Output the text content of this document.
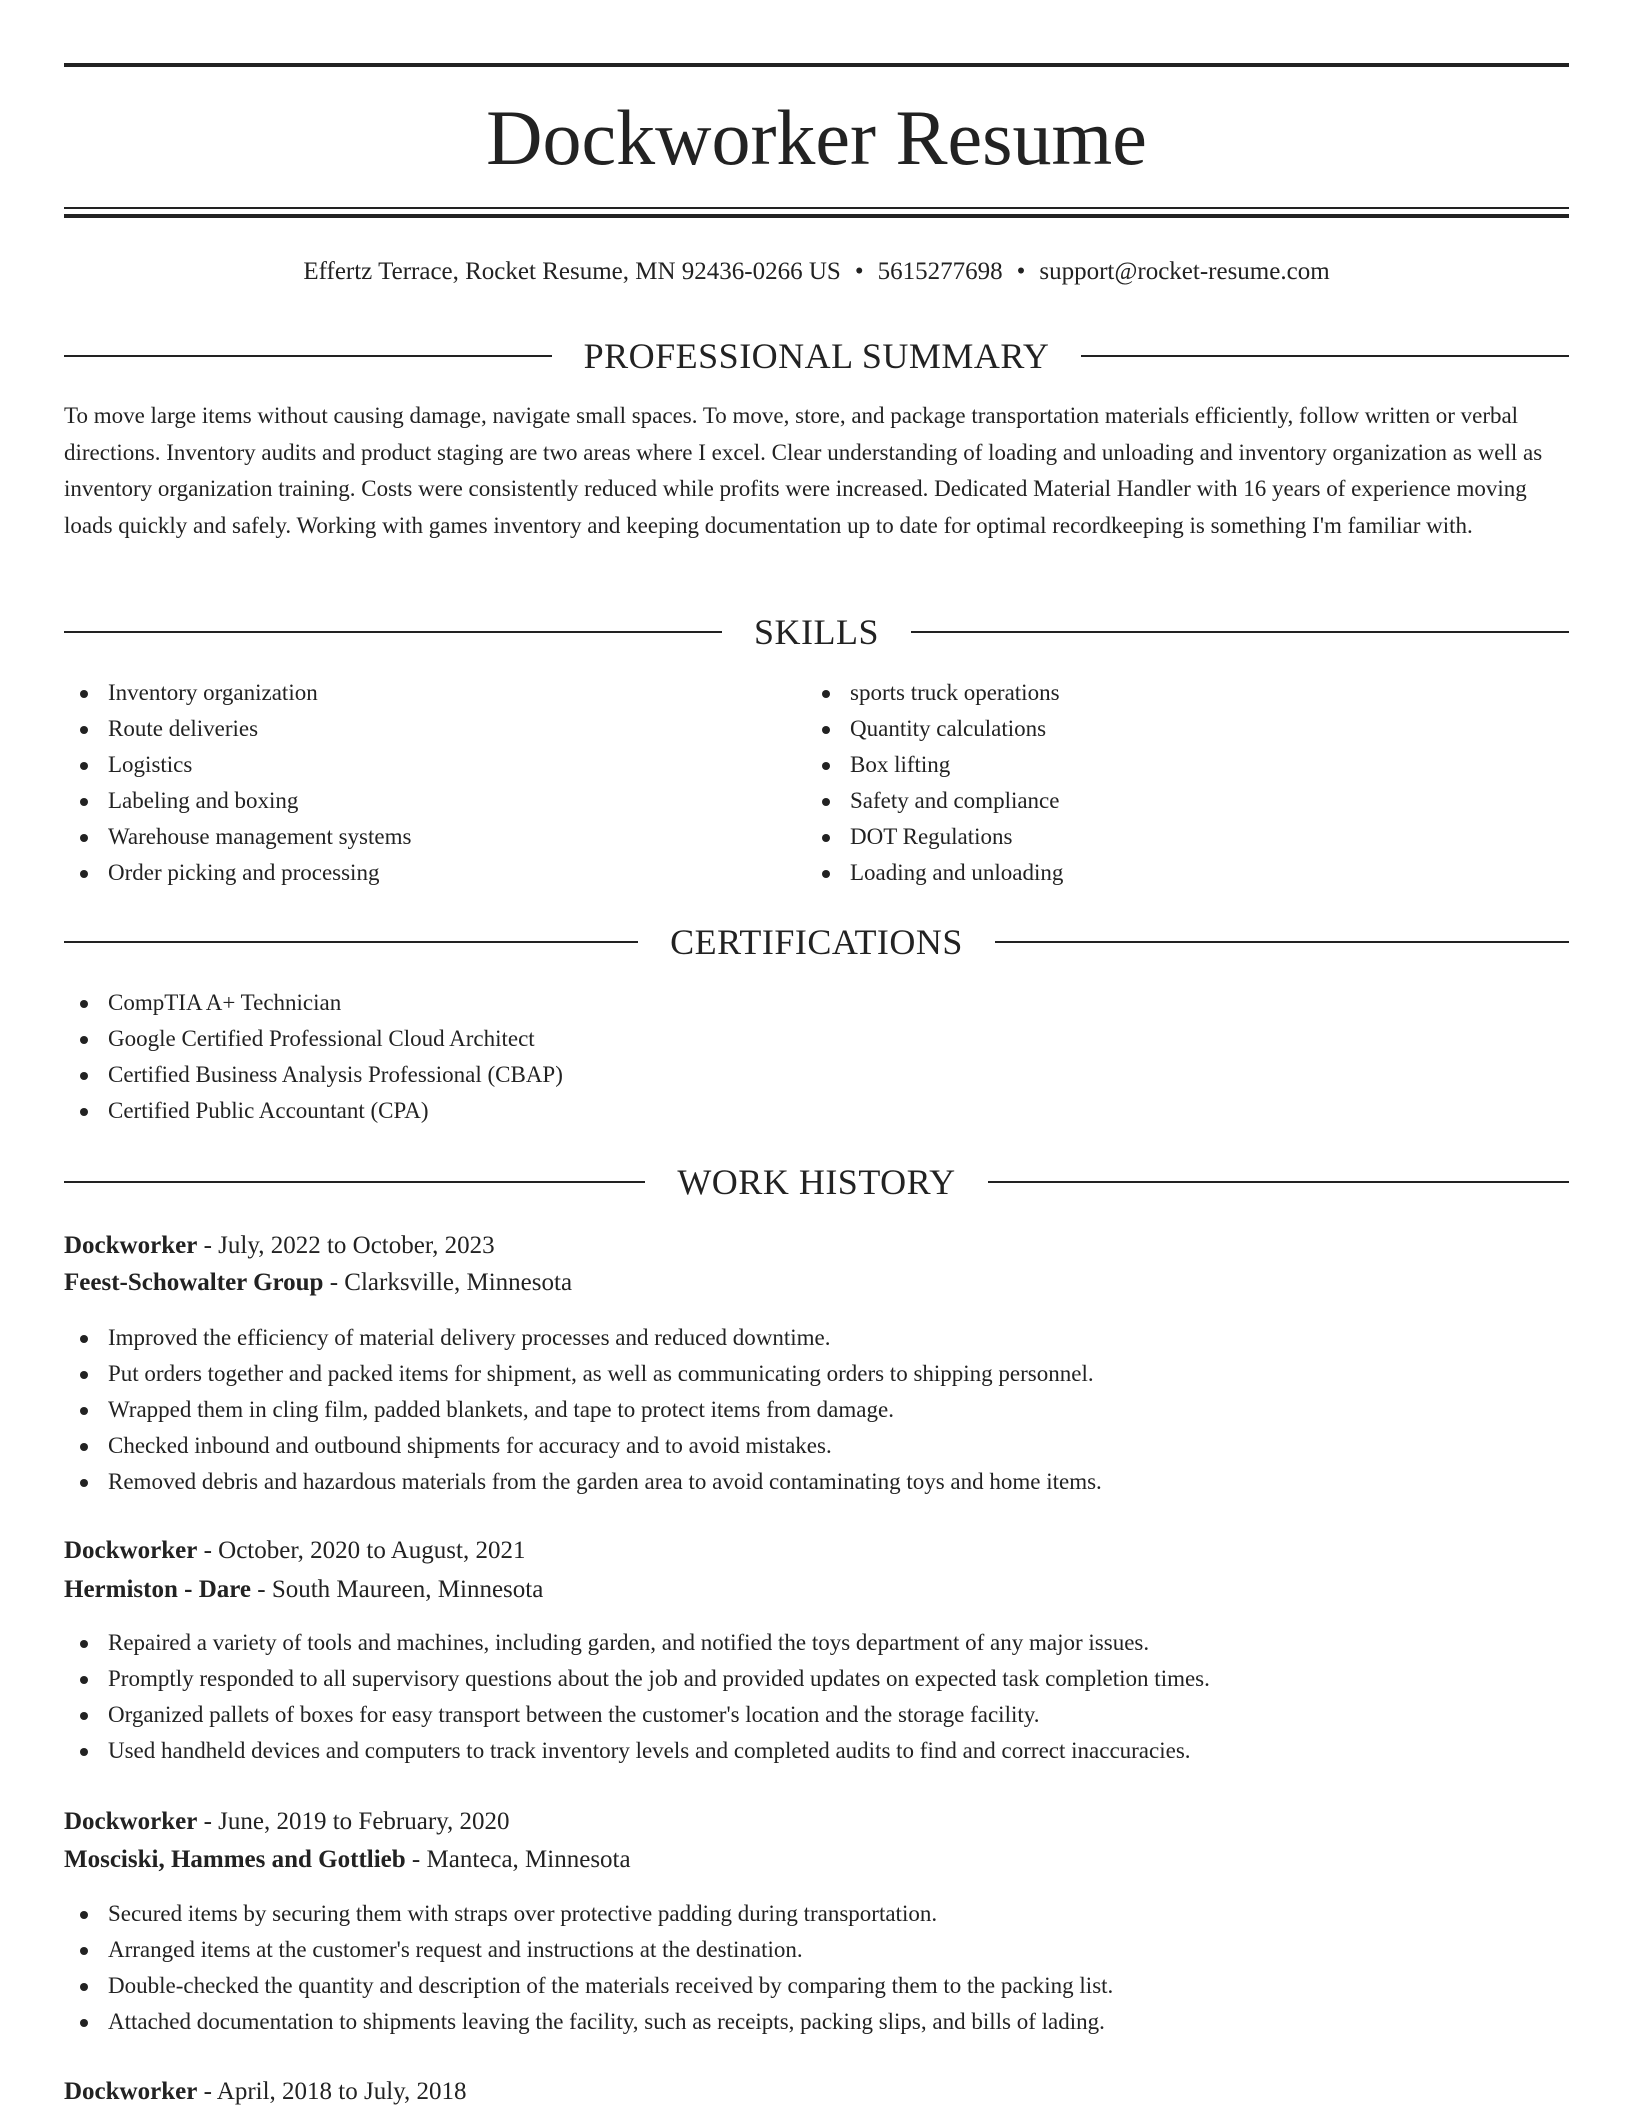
Dockworker Resume
Effertz Terrace, Rocket Resume, MN 92436-0266 US • 5615277698 • support@rocket-resume.com
PROFESSIONAL SUMMARY

To move large items without causing damage, navigate small spaces. To move, store, and package transportation materials efficiently, follow written or verbal directions. Inventory audits and product staging are two areas where I excel. Clear understanding of loading and unloading and inventory organization as well as inventory organization training. Costs were consistently reduced while profits were increased. Dedicated Material Handler with 16 years of experience moving loads quickly and safely. Working with games inventory and keeping documentation up to date for optimal recordkeeping is something I'm familiar with.

SKILLS
Inventory organization
Route deliveries
Logistics
Labeling and boxing
Warehouse management systems
Order picking and processing
sports truck operations
Quantity calculations
Box lifting
Safety and compliance
DOT Regulations
Loading and unloading
CERTIFICATIONS
CompTIA A+ Technician
Google Certified Professional Cloud Architect
Certified Business Analysis Professional (CBAP)
Certified Public Accountant (CPA)
WORK HISTORY
Dockworker - July, 2022 to October, 2023
Feest-Schowalter Group - Clarksville, Minnesota
Improved the efficiency of material delivery processes and reduced downtime.
Put orders together and packed items for shipment, as well as communicating orders to shipping personnel.
Wrapped them in cling film, padded blankets, and tape to protect items from damage.
Checked inbound and outbound shipments for accuracy and to avoid mistakes.
Removed debris and hazardous materials from the garden area to avoid contaminating toys and home items.
Dockworker - October, 2020 to August, 2021
Hermiston - Dare - South Maureen, Minnesota
Repaired a variety of tools and machines, including garden, and notified the toys department of any major issues.
Promptly responded to all supervisory questions about the job and provided updates on expected task completion times.
Organized pallets of boxes for easy transport between the customer's location and the storage facility.
Used handheld devices and computers to track inventory levels and completed audits to find and correct inaccuracies.
Dockworker - June, 2019 to February, 2020
Mosciski, Hammes and Gottlieb - Manteca, Minnesota
Secured items by securing them with straps over protective padding during transportation.
Arranged items at the customer's request and instructions at the destination.
Double-checked the quantity and description of the materials received by comparing them to the packing list.
Attached documentation to shipments leaving the facility, such as receipts, packing slips, and bills of lading.
Dockworker - April, 2018 to July, 2018
